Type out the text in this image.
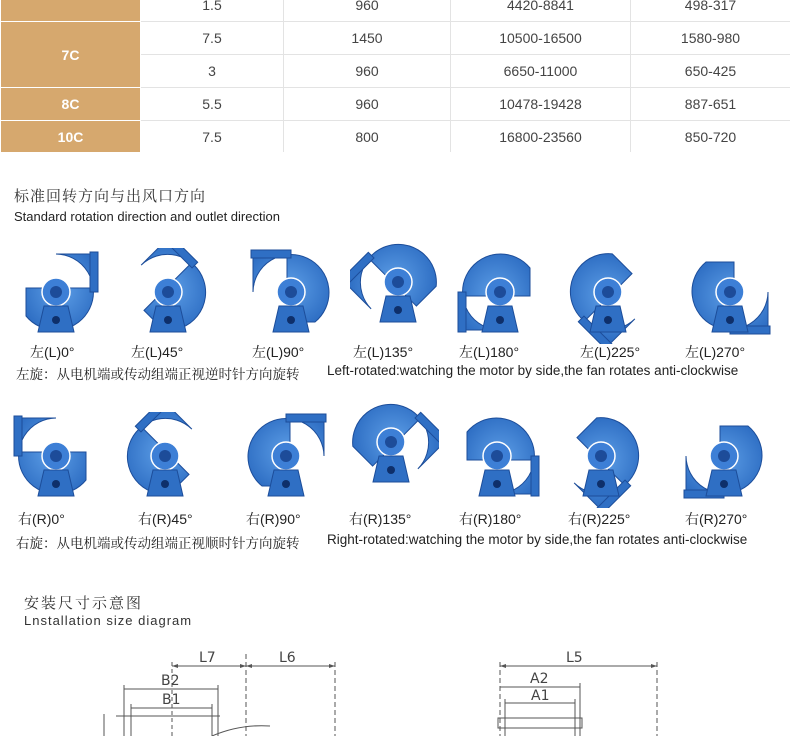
	1.5	960	4420-8841	498-317
7C	7.5	1450	10500-16500	1580-980
	3	960	6650-11000	650-425
8C	5.5	960	10478-19428	887-651
10C	7.5	800	16800-23560	850-720
标准回转方向与出风口方向
Standard rotation direction and outlet direction
左(L)0°	左(L)45°	左(L)90°	左(L)135°	左(L)180°	左(L)225°	左(L)270°
左旋：从电机端或传动组端正视逆时针方向旋转 Left-rotated:watching the motor by side,the fan rotates anti-clockwise
右(R)0°	右(R)45°	右(R)90°	右(R)135°	右(R)180°	右(R)225°	右(R)270°
右旋：从电机端或传动组端正视顺时针方向旋转 Right-rotated:watching the motor by side,the fan rotates anti-clockwise
安装尺寸示意图
Lnstallation size diagram
L7	L6
B2
B1
L5
A2
A1
